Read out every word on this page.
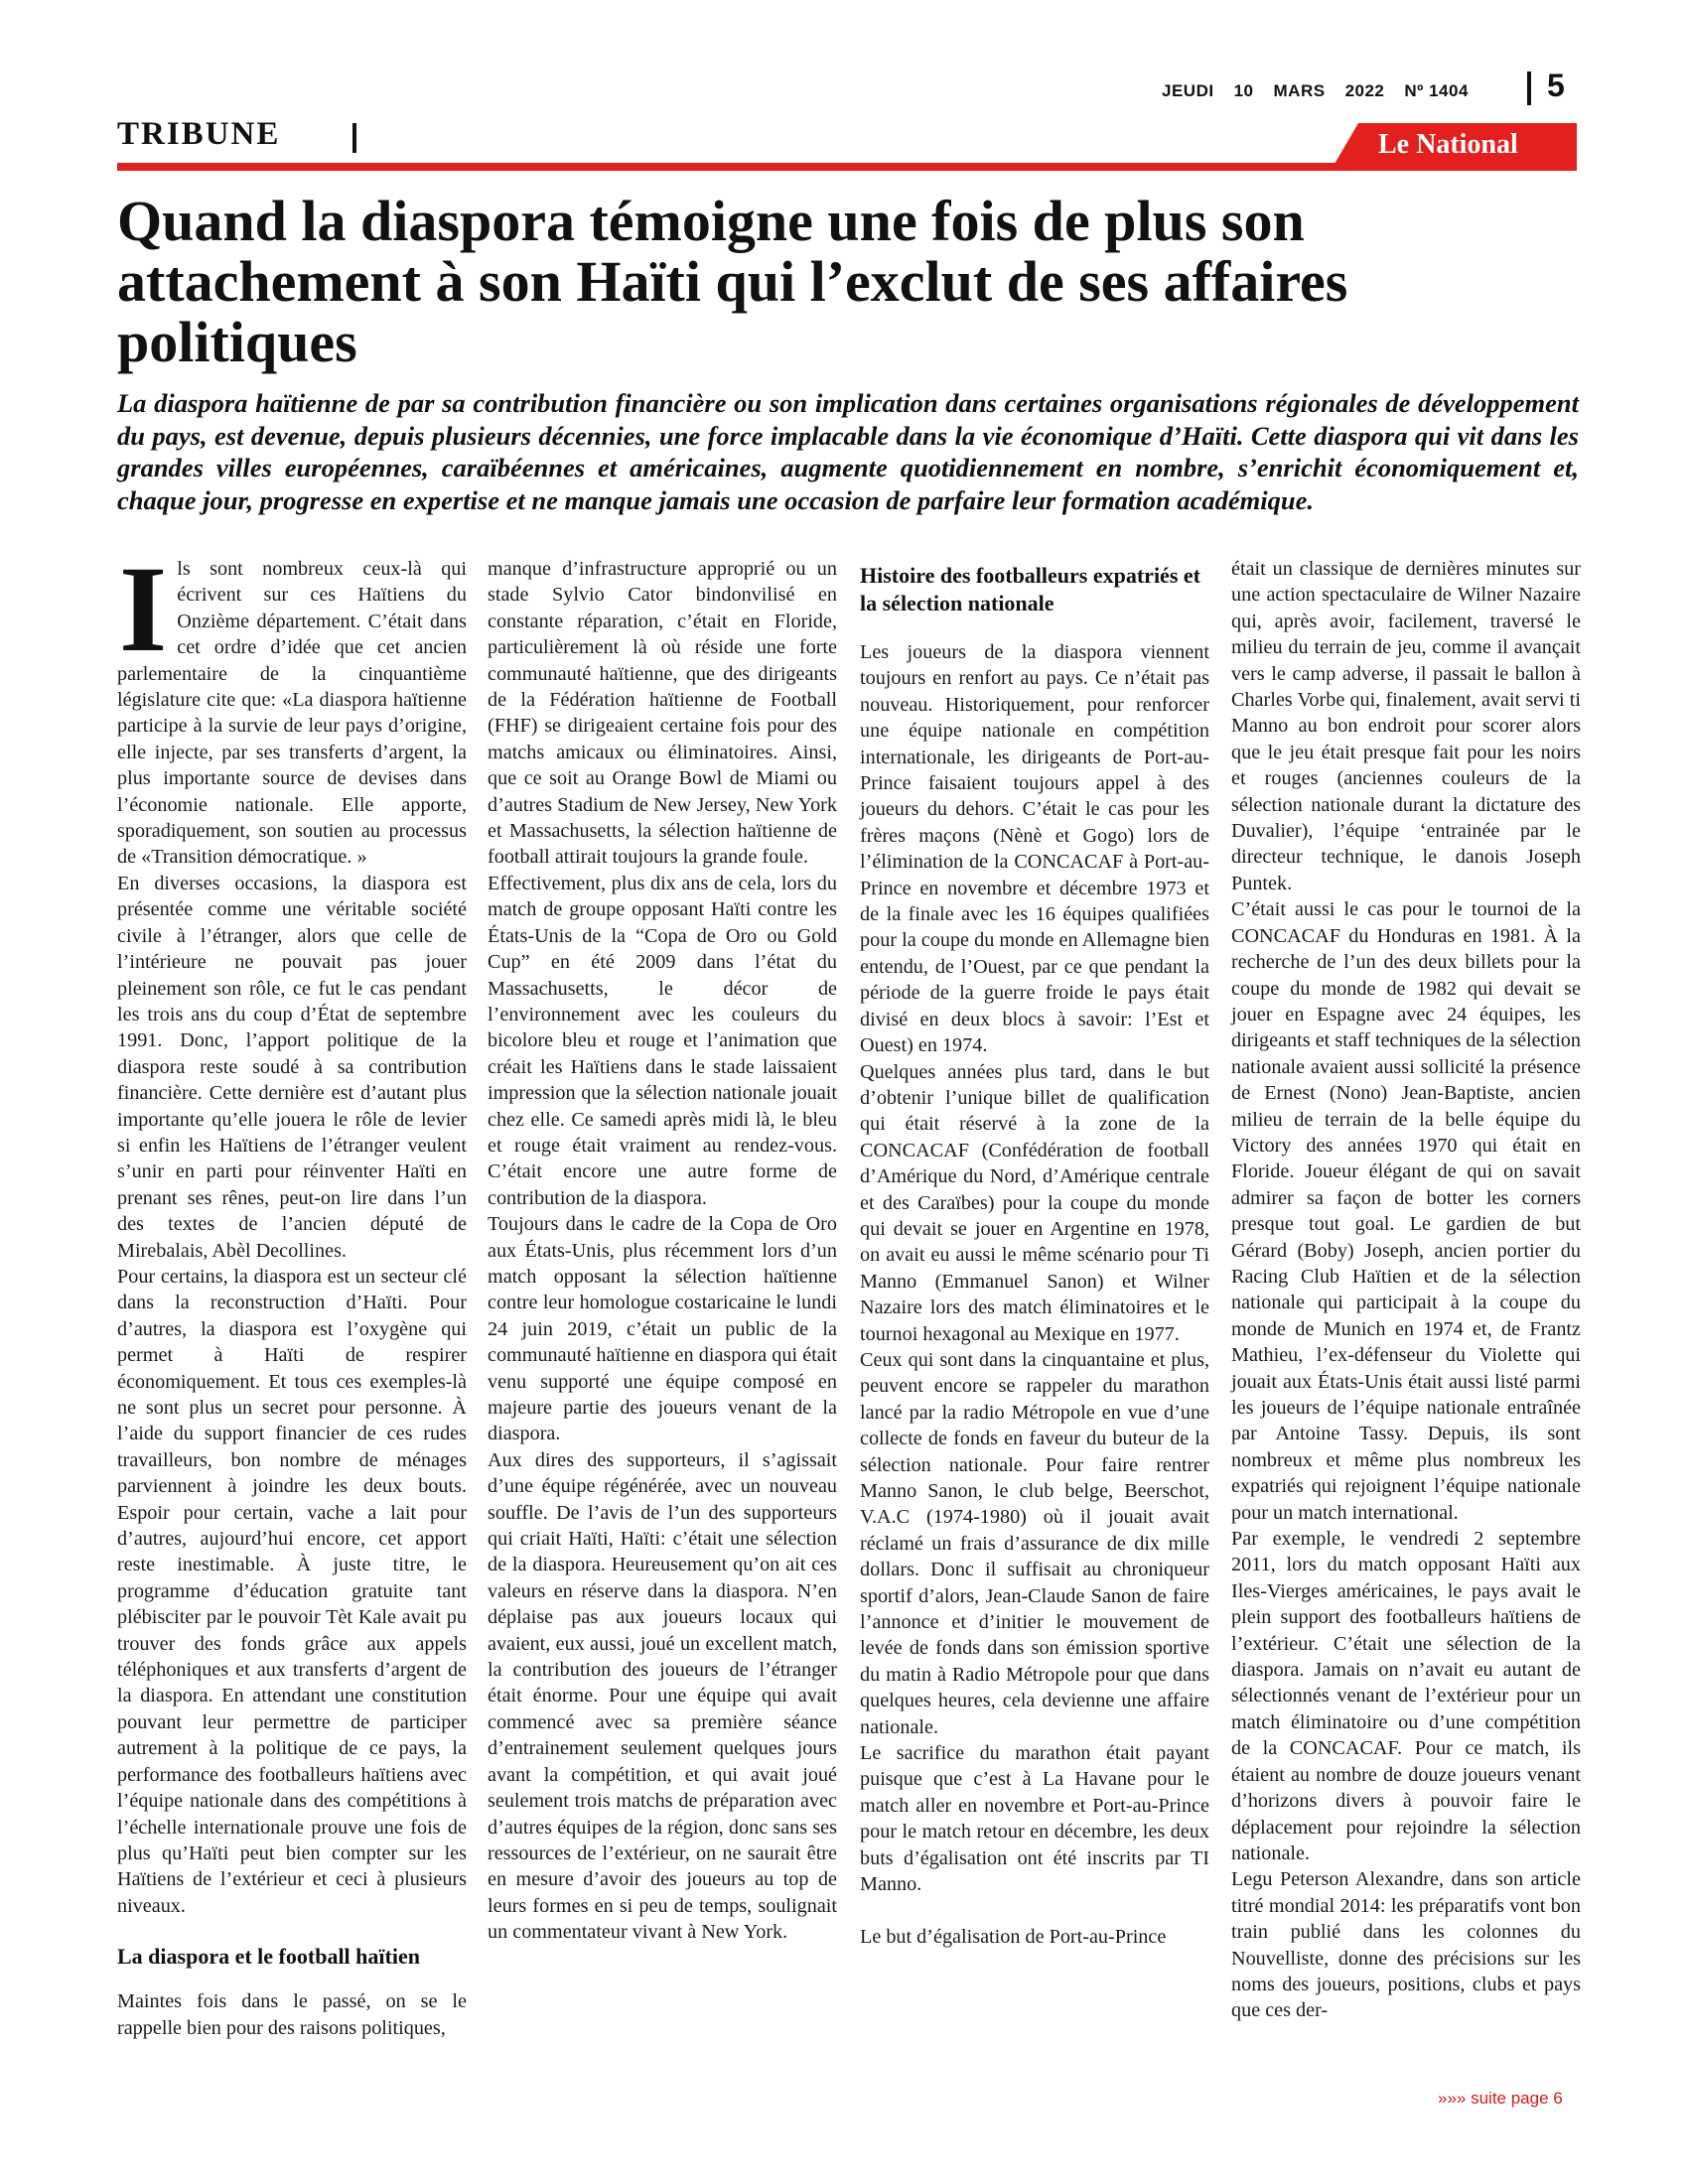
JEUDI 10 MARS 2022 Nº 1404	5
TRIBUNE	Le National
Quand la diaspora témoigne une fois de plus son attachement à son Haïti qui l’exclut de ses affaires politiques

La diaspora haïtienne de par sa contribution financière ou son implication dans certaines organisations régionales de développement du pays, est devenue, depuis plusieurs décennies, une force implacable dans la vie économique d’Haïti. Cette diaspora qui vit dans les grandes villes européennes, caraïbéennes et américaines, augmente quotidiennement en nombre, s’enrichit économiquement et, chaque jour, progresse en expertise et ne manque jamais une occasion de parfaire leur formation académique.

Ils sont nombreux ceux-là qui écrivent sur ces Haïtiens du Onzième département. C’était dans cet ordre d’idée que cet ancien parlementaire de la cinquantième législature cite que: «La diaspora haïtienne participe à la survie de leur pays d’origine, elle injecte, par ses transferts d’argent, la plus importante source de devises dans l’économie nationale. Elle apporte, sporadiquement, son soutien au processus de «Transition démocratique. »

En diverses occasions, la diaspora est présentée comme une véritable société civile à l’étranger, alors que celle de l’intérieure ne pouvait pas jouer pleinement son rôle, ce fut le cas pendant les trois ans du coup d’État de septembre 1991. Donc, l’apport politique de la diaspora reste soudé à sa contribution financière. Cette dernière est d’autant plus importante qu’elle jouera le rôle de levier si enfin les Haïtiens de l’étranger veulent s’unir en parti pour réinventer Haïti en prenant ses rênes, peut-on lire dans l’un des textes de l’ancien député de Mirebalais, Abèl Decollines.

Pour certains, la diaspora est un secteur clé dans la reconstruction d’Haïti. Pour d’autres, la diaspora est l’oxygène qui permet à Haïti de respirer économiquement. Et tous ces exemples-là ne sont plus un secret pour personne. À l’aide du support financier de ces rudes travailleurs, bon nombre de ménages parviennent à joindre les deux bouts. Espoir pour certain, vache a lait pour d’autres, aujourd’hui encore, cet apport reste inestimable. À juste titre, le programme d’éducation gratuite tant plébisciter par le pouvoir Tèt Kale avait pu trouver des fonds grâce aux appels téléphoniques et aux transferts d’argent de la diaspora. En attendant une constitution pouvant leur permettre de participer autrement à la politique de ce pays, la performance des footballeurs haïtiens avec l’équipe nationale dans des compétitions à l’échelle internationale prouve une fois de plus qu’Haïti peut bien compter sur les Haïtiens de l’extérieur et ceci à plusieurs niveaux.

La diaspora et le football haïtien

Maintes fois dans le passé, on se le rappelle bien pour des raisons politiques,

manque d’infrastructure approprié ou un stade Sylvio Cator bindonvilisé en constante réparation, c’était en Floride, particulièrement là où réside une forte communauté haïtienne, que des dirigeants de la Fédération haïtienne de Football (FHF) se dirigeaient certaine fois pour des matchs amicaux ou éliminatoires. Ainsi, que ce soit au Orange Bowl de Miami ou d’autres Stadium de New Jersey, New York et Massachusetts, la sélection haïtienne de football attirait toujours la grande foule.

Effectivement, plus dix ans de cela, lors du match de groupe opposant Haïti contre les États-Unis de la “Copa de Oro ou Gold Cup” en été 2009 dans l’état du Massachusetts, le décor de l’environnement avec les couleurs du bicolore bleu et rouge et l’animation que créait les Haïtiens dans le stade laissaient impression que la sélection nationale jouait chez elle. Ce samedi après midi là, le bleu et rouge était vraiment au rendez-vous. C’était encore une autre forme de contribution de la diaspora.

Toujours dans le cadre de la Copa de Oro aux États-Unis, plus récemment lors d’un match opposant la sélection haïtienne contre leur homologue costaricaine le lundi 24 juin 2019, c’était un public de la communauté haïtienne en diaspora qui était venu supporté une équipe composé en majeure partie des joueurs venant de la diaspora.

Aux dires des supporteurs, il s’agissait d’une équipe régénérée, avec un nouveau souffle. De l’avis de l’un des supporteurs qui criait Haïti, Haïti: c’était une sélection de la diaspora. Heureusement qu’on ait ces valeurs en réserve dans la diaspora. N’en déplaise pas aux joueurs locaux qui avaient, eux aussi, joué un excellent match, la contribution des joueurs de l’étranger était énorme. Pour une équipe qui avait commencé avec sa première séance d’entrainement seulement quelques jours avant la compétition, et qui avait joué seulement trois matchs de préparation avec d’autres équipes de la région, donc sans ses ressources de l’extérieur, on ne saurait être en mesure d’avoir des joueurs au top de leurs formes en si peu de temps, soulignait un commentateur vivant à New York.

Histoire des footballeurs expatriés et la sélection nationale

Les joueurs de la diaspora viennent toujours en renfort au pays. Ce n’était pas nouveau. Historiquement, pour renforcer une équipe nationale en compétition internationale, les dirigeants de Port-au-Prince faisaient toujours appel à des joueurs du dehors. C’était le cas pour les frères maçons (Nènè et Gogo) lors de l’élimination de la CONCACAF à Port-au-Prince en novembre et décembre 1973 et de la finale avec les 16 équipes qualifiées pour la coupe du monde en Allemagne bien entendu, de l’Ouest, par ce que pendant la période de la guerre froide le pays était divisé en deux blocs à savoir: l’Est et Ouest) en 1974.

Quelques années plus tard, dans le but d’obtenir l’unique billet de qualification qui était réservé à la zone de la CONCACAF (Confédération de football d’Amérique du Nord, d’Amérique centrale et des Caraïbes) pour la coupe du monde qui devait se jouer en Argentine en 1978, on avait eu aussi le même scénario pour Ti Manno (Emmanuel Sanon) et Wilner Nazaire lors des match éliminatoires et le tournoi hexagonal au Mexique en 1977.

Ceux qui sont dans la cinquantaine et plus, peuvent encore se rappeler du marathon lancé par la radio Métropole en vue d’une collecte de fonds en faveur du buteur de la sélection nationale. Pour faire rentrer Manno Sanon, le club belge, Beerschot, V.A.C (1974-1980) où il jouait avait réclamé un frais d’assurance de dix mille dollars. Donc il suffisait au chroniqueur sportif d’alors, Jean-Claude Sanon de faire l’annonce et d’initier le mouvement de levée de fonds dans son émission sportive du matin à Radio Métropole pour que dans quelques heures, cela devienne une affaire nationale.

Le sacrifice du marathon était payant puisque que c’est à La Havane pour le match aller en novembre et Port-au-Prince pour le match retour en décembre, les deux buts d’égalisation ont été inscrits par TI Manno.

Le but d’égalisation de Port-au-Prince

était un classique de dernières minutes sur une action spectaculaire de Wilner Nazaire qui, après avoir, facilement, traversé le milieu du terrain de jeu, comme il avançait vers le camp adverse, il passait le ballon à Charles Vorbe qui, finalement, avait servi ti Manno au bon endroit pour scorer alors que le jeu était presque fait pour les noirs et rouges (anciennes couleurs de la sélection nationale durant la dictature des Duvalier), l’équipe ‘entrainée par le directeur technique, le danois Joseph Puntek.

C’était aussi le cas pour le tournoi de la CONCACAF du Honduras en 1981. À la recherche de l’un des deux billets pour la coupe du monde de 1982 qui devait se jouer en Espagne avec 24 équipes, les dirigeants et staff techniques de la sélection nationale avaient aussi sollicité la présence de Ernest (Nono) Jean-Baptiste, ancien milieu de terrain de la belle équipe du Victory des années 1970 qui était en Floride. Joueur élégant de qui on savait admirer sa façon de botter les corners presque tout goal. Le gardien de but Gérard (Boby) Joseph, ancien portier du Racing Club Haïtien et de la sélection nationale qui participait à la coupe du monde de Munich en 1974 et, de Frantz Mathieu, l’ex-défenseur du Violette qui jouait aux États-Unis était aussi listé parmi les joueurs de l’équipe nationale entraînée par Antoine Tassy. Depuis, ils sont nombreux et même plus nombreux les expatriés qui rejoignent l’équipe nationale pour un match international.

Par exemple, le vendredi 2 septembre 2011, lors du match opposant Haïti aux Iles-Vierges américaines, le pays avait le plein support des footballeurs haïtiens de l’extérieur. C’était une sélection de la diaspora. Jamais on n’avait eu autant de sélectionnés venant de l’extérieur pour un match éliminatoire ou d’une compétition de la CONCACAF. Pour ce match, ils étaient au nombre de douze joueurs venant d’horizons divers à pouvoir faire le déplacement pour rejoindre la sélection nationale.

Legu Peterson Alexandre, dans son article titré mondial 2014: les préparatifs vont bon train publié dans les colonnes du Nouvelliste, donne des précisions sur les noms des joueurs, positions, clubs et pays que ces der-

»»» suite page 6
